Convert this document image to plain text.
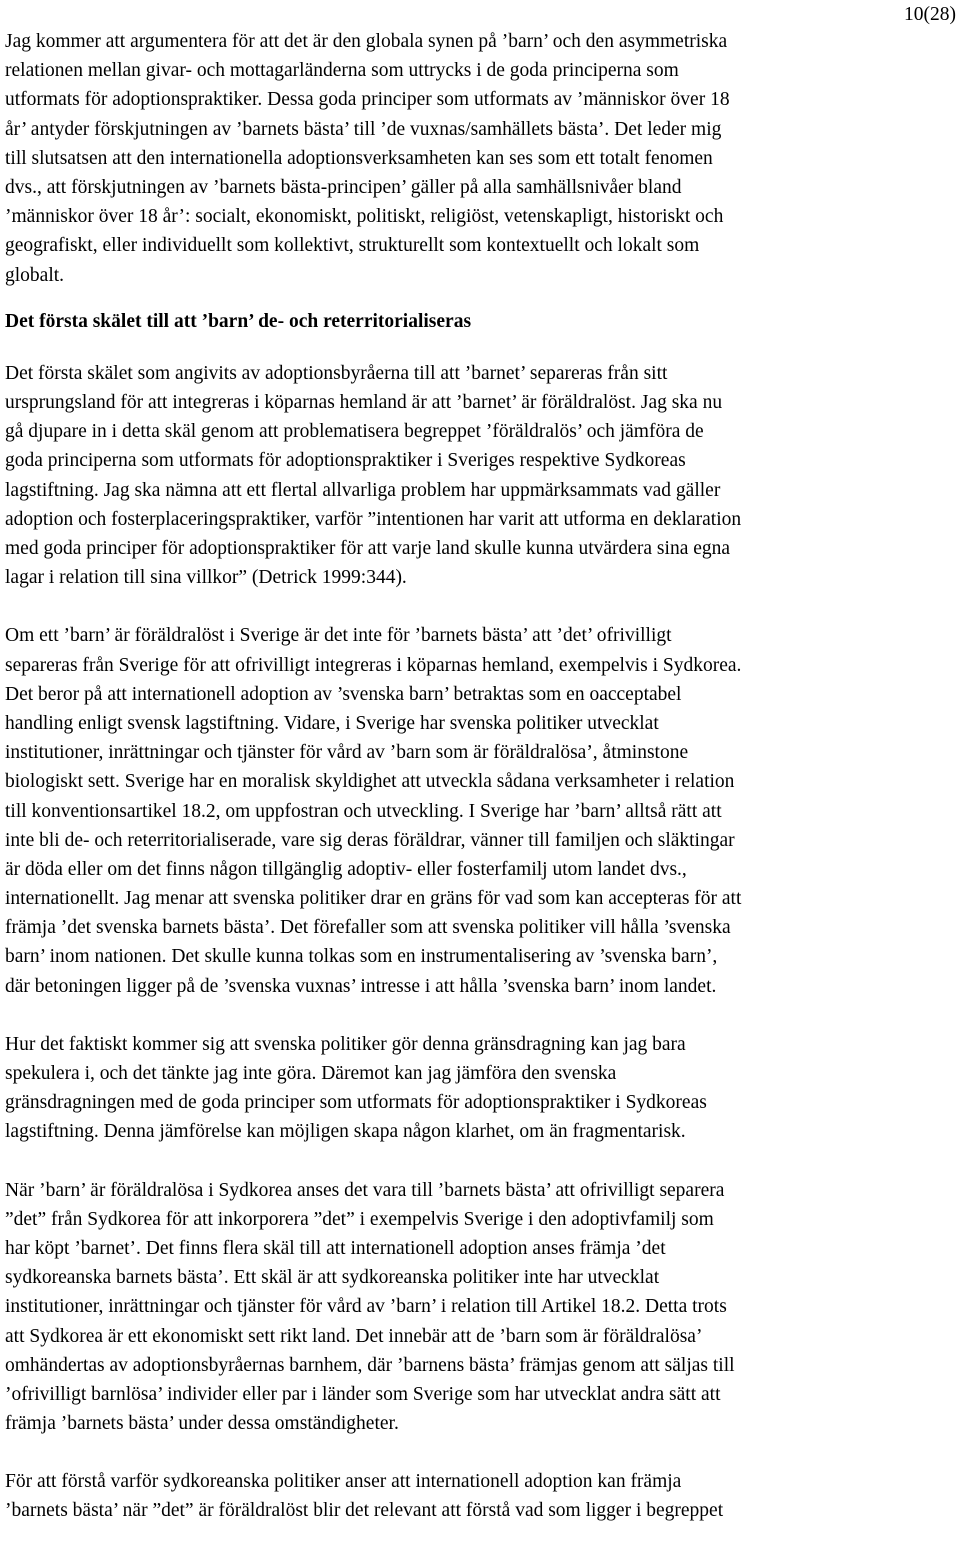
10(28)

Jag kommer att argumentera för att det är den globala synen på ’barn’ och den asymmetriska
relationen mellan givar- och mottagarländerna som uttrycks i de goda principerna som
utformats för adoptionspraktiker. Dessa goda principer som utformats av ’människor över 18
år’ antyder förskjutningen av ’barnets bästa’ till ’de vuxnas/samhällets bästa’. Det leder mig
till slutsatsen att den internationella adoptionsverksamheten kan ses som ett totalt fenomen
dvs., att förskjutningen av ’barnets bästa-principen’ gäller på alla samhällsnivåer bland
’människor över 18 år’: socialt, ekonomiskt, politiskt, religiöst, vetenskapligt, historiskt och
geografiskt, eller individuellt som kollektivt, strukturellt som kontextuellt och lokalt som
globalt.

Det första skälet till att ’barn’ de- och reterritorialiseras

Det första skälet som angivits av adoptionsbyråerna till att ’barnet’ separeras från sitt
ursprungsland för att integreras i köparnas hemland är att ’barnet’ är föräldralöst. Jag ska nu
gå djupare in i detta skäl genom att problematisera begreppet ’föräldralös’ och jämföra de
goda principerna som utformats för adoptionspraktiker i Sveriges respektive Sydkoreas
lagstiftning. Jag ska nämna att ett flertal allvarliga problem har uppmärksammats vad gäller
adoption och fosterplaceringspraktiker, varför ”intentionen har varit att utforma en deklaration
med goda principer för adoptionspraktiker för att varje land skulle kunna utvärdera sina egna
lagar i relation till sina villkor” (Detrick 1999:344).

Om ett ’barn’ är föräldralöst i Sverige är det inte för ’barnets bästa’ att ’det’ ofrivilligt
separeras från Sverige för att ofrivilligt integreras i köparnas hemland, exempelvis i Sydkorea.
Det beror på att internationell adoption av ’svenska barn’ betraktas som en oacceptabel
handling enligt svensk lagstiftning. Vidare, i Sverige har svenska politiker utvecklat
institutioner, inrättningar och tjänster för vård av ’barn som är föräldralösa’, åtminstone
biologiskt sett. Sverige har en moralisk skyldighet att utveckla sådana verksamheter i relation
till konventionsartikel 18.2, om uppfostran och utveckling. I Sverige har ’barn’ alltså rätt att
inte bli de- och reterritorialiserade, vare sig deras föräldrar, vänner till familjen och släktingar
är döda eller om det finns någon tillgänglig adoptiv- eller fosterfamilj utom landet dvs.,
internationellt. Jag menar att svenska politiker drar en gräns för vad som kan accepteras för att
främja ’det svenska barnets bästa’. Det förefaller som att svenska politiker vill hålla ’svenska
barn’ inom nationen. Det skulle kunna tolkas som en instrumentalisering av ’svenska barn’,
där betoningen ligger på de ’svenska vuxnas’ intresse i att hålla ’svenska barn’ inom landet.

Hur det faktiskt kommer sig att svenska politiker gör denna gränsdragning kan jag bara
spekulera i, och det tänkte jag inte göra. Däremot kan jag jämföra den svenska
gränsdragningen med de goda principer som utformats för adoptionspraktiker i Sydkoreas
lagstiftning. Denna jämförelse kan möjligen skapa någon klarhet, om än fragmentarisk.

När ’barn’ är föräldralösa i Sydkorea anses det vara till ’barnets bästa’ att ofrivilligt separera
”det” från Sydkorea för att inkorporera ”det” i exempelvis Sverige i den adoptivfamilj som
har köpt ’barnet’. Det finns flera skäl till att internationell adoption anses främja ’det
sydkoreanska barnets bästa’. Ett skäl är att sydkoreanska politiker inte har utvecklat
institutioner, inrättningar och tjänster för vård av ’barn’ i relation till Artikel 18.2. Detta trots
att Sydkorea är ett ekonomiskt sett rikt land. Det innebär att de ’barn som är föräldralösa’
omhändertas av adoptionsbyråernas barnhem, där ’barnens bästa’ främjas genom att säljas till
’ofrivilligt barnlösa’ individer eller par i länder som Sverige som har utvecklat andra sätt att
främja ’barnets bästa’ under dessa omständigheter.

För att förstå varför sydkoreanska politiker anser att internationell adoption kan främja
’barnets bästa’ när ”det” är föräldralöst blir det relevant att förstå vad som ligger i begreppet
